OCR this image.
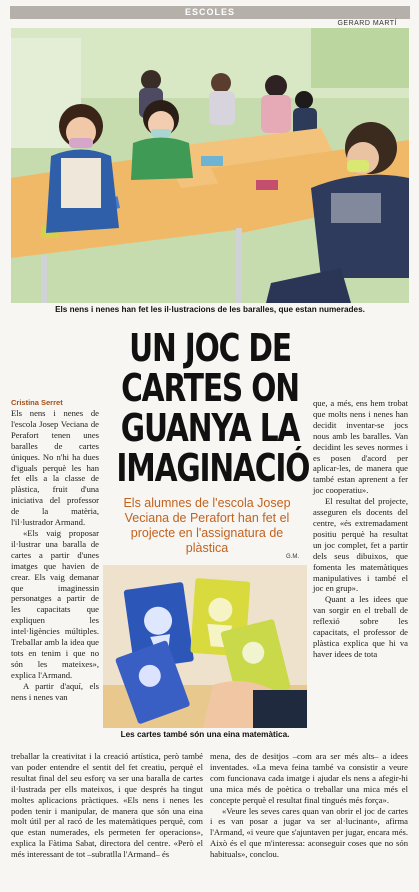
ESCOLES
GERARD MARTÍ
Els nens i nenes han fet les il·lustracions de les baralles, que estan numerades.
UN JOC DE
CARTES ON
GUANYA LA
IMAGINACIÓ
Els alumnes de l'escola Josep Veciana de Perafort han fet el projecte en l'assignatura de plàstica
G.M.
Cristina Serret

Els nens i nenes de l'escola Josep Veciana de Perafort tenen unes baralles de cartes úniques. No n'hi ha dues d'iguals perquè les han fet ells a la classe de plàstica, fruit d'una iniciativa del professor de la matèria, l'il·lustrador Armand.

«Els vaig proposar il·lustrar una baralla de cartes a partir d'unes imatges que havien de crear. Els vaig demanar que imaginessin personatges a partir de les capacitats que expliquen les intel·ligències múltiples. Treballar amb la idea que tots en tenim i que no són les mateixes», explica l'Armand.

A partir d'aquí, els nens i nenes van

Les cartes també són una eina matemàtica.

treballar la creativitat i la creació artística, però també van poder entendre el sentit del fet creatiu, perquè el resultat final del seu esforç va ser una baralla de cartes il·lustrada per ells mateixos, i que després ha tingut moltes aplicacions pràctiques. «Els nens i nenes les poden tenir i manipular, de manera que són una eina molt útil per al racó de les matemàtiques perquè, com que estan numerades, els permeten fer operacions», explica la Fàtima Sabat, directora del centre. «Però el més interessant de tot –subratlla l'Armand– és

que, a més, ens hem trobat que molts nens i nenes han decidit inventar-se jocs nous amb les baralles. Van decidint les seves normes i es posen d'acord per aplicar-les, de manera que també estan aprenent a fer joc cooperatiu».

El resultat del projecte, asseguren els docents del centre, «és extremadament positiu perquè ha resultat un joc complet, fet a partir dels seus dibuixos, que fomenta les matemàtiques manipulatives i també el joc en grup».

Quant a les idees que van sorgir en el treball de reflexió sobre les capacitats, el professor de plàstica explica que hi va haver idees de tota

mena, des de desitjos –com ara ser més alts– a idees inventades. «La meva feina també va consistir a veure com funcionava cada imatge i ajudar els nens a afegir-hi una mica més de poètica o treballar una mica més el concepte perquè el resultat final tingués més força».

«Veure les seves cares quan van obrir el joc de cartes i es van posar a jugar va ser al·lucinant», afirma l'Armand, «i veure que s'ajuntaven per jugar, encara més. Això és el que m'interessa: aconseguir coses que no són habituals», conclou.
